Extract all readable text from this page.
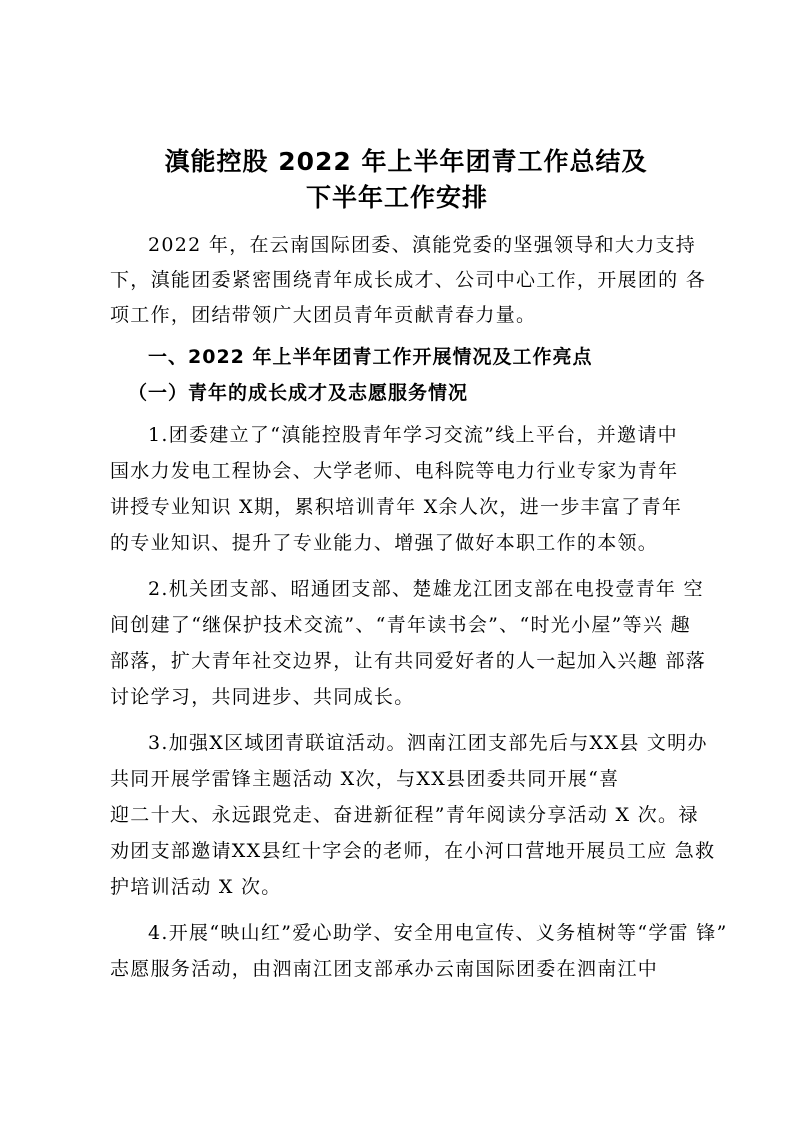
滇能控股 2022 年上半年团青工作总结及
下半年工作安排

2022 年，在云南国际团委、滇能党委的坚强领导和大力支持

下，滇能团委紧密围绕青年成长成才、公司中心工作，开展团的 各

项工作，团结带领广大团员青年贡献青春力量。

一、2022 年上半年团青工作开展情况及工作亮点
（一）青年的成长成才及志愿服务情况

1.团委建立了“滇能控股青年学习交流”线上平台，并邀请中

国水力发电工程协会、大学老师、电科院等电力行业专家为青年

讲授专业知识 X期，累积培训青年 X余人次，进一步丰富了青年

的专业知识、提升了专业能力、增强了做好本职工作的本领。

2.机关团支部、昭通团支部、楚雄龙江团支部在电投壹青年 空

间创建了“继保护技术交流”、“青年读书会”、“时光小屋”等兴 趣

部落，扩大青年社交边界，让有共同爱好者的人一起加入兴趣 部落

讨论学习，共同进步、共同成长。

3.加强X区域团青联谊活动。泗南江团支部先后与XX县 文明办

共同开展学雷锋主题活动 X次，与XX县团委共同开展“喜

迎二十大、永远跟党走、奋进新征程”青年阅读分享活动 X 次。禄

劝团支部邀请XX县红十字会的老师，在小河口营地开展员工应 急救

护培训活动 X 次。

4.开展“映山红”爱心助学、安全用电宣传、义务植树等“学雷 锋”

志愿服务活动，由泗南江团支部承办云南国际团委在泗南江中
